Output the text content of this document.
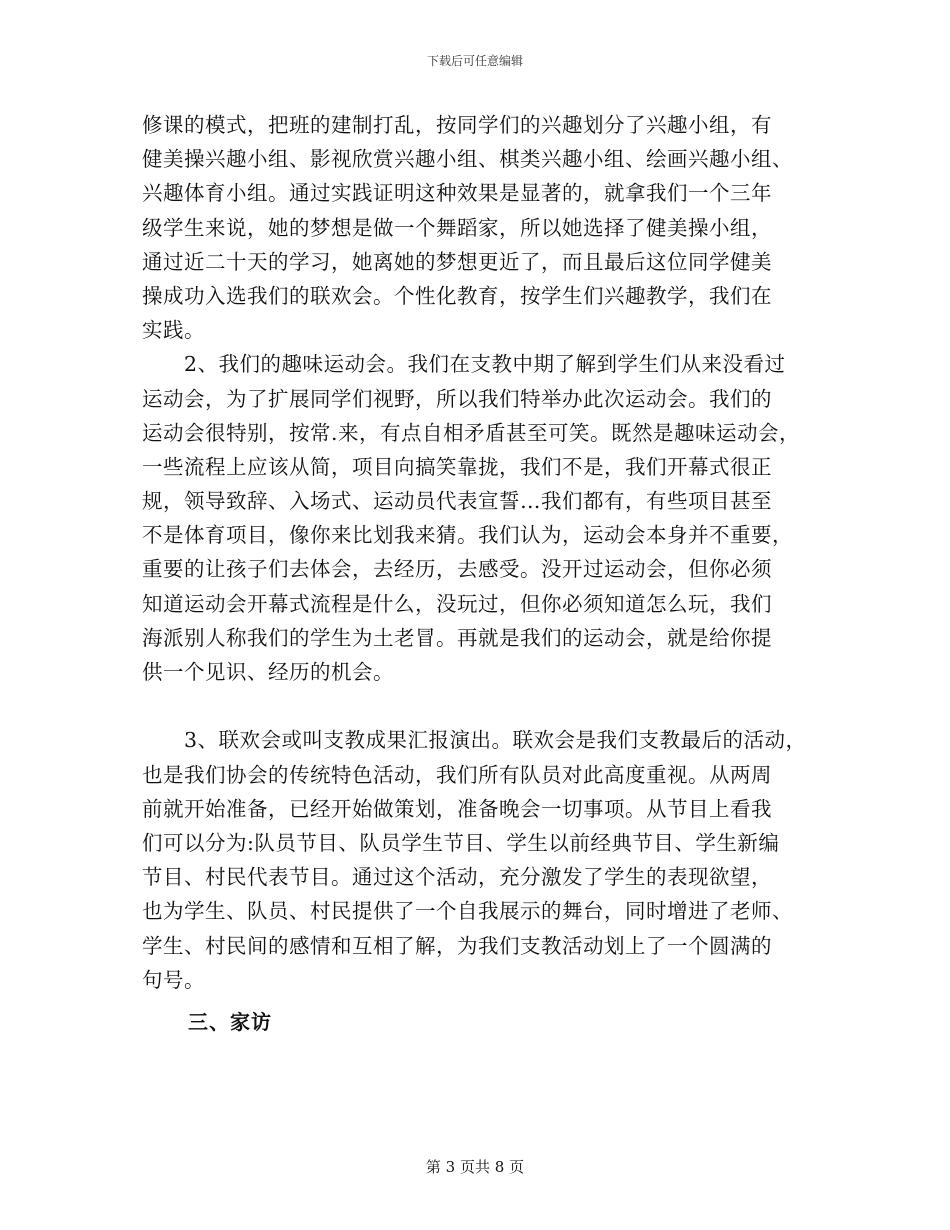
下载后可任意编辑
修课的模式，把班的建制打乱，按同学们的兴趣划分了兴趣小组，有
健美操兴趣小组、影视欣赏兴趣小组、棋类兴趣小组、绘画兴趣小组、
兴趣体育小组。通过实践证明这种效果是显著的，就拿我们一个三年
级学生来说，她的梦想是做一个舞蹈家，所以她选择了健美操小组，
通过近二十天的学习，她离她的梦想更近了，而且最后这位同学健美
操成功入选我们的联欢会。个性化教育，按学生们兴趣教学，我们在
实践。
2、我们的趣味运动会。我们在支教中期了解到学生们从来没看过
运动会，为了扩展同学们视野，所以我们特举办此次运动会。我们的
运动会很特别，按常.来，有点自相矛盾甚至可笑。既然是趣味运动会，
一些流程上应该从简，项目向搞笑靠拢，我们不是，我们开幕式很正
规，领导致辞、入场式、运动员代表宣誓…我们都有，有些项目甚至
不是体育项目，像你来比划我来猜。我们认为，运动会本身并不重要，
重要的让孩子们去体会，去经历，去感受。没开过运动会，但你必须
知道运动会开幕式流程是什么，没玩过，但你必须知道怎么玩，我们
海派别人称我们的学生为土老冒。再就是我们的运动会，就是给你提
供一个见识、经历的机会。
3、联欢会或叫支教成果汇报演出。联欢会是我们支教最后的活动，
也是我们协会的传统特色活动，我们所有队员对此高度重视。从两周
前就开始准备，已经开始做策划，准备晚会一切事项。从节目上看我
们可以分为:队员节目、队员学生节目、学生以前经典节目、学生新编
节目、村民代表节目。通过这个活动，充分激发了学生的表现欲望，
也为学生、队员、村民提供了一个自我展示的舞台，同时增进了老师、
学生、村民间的感情和互相了解，为我们支教活动划上了一个圆满的
句号。
三、家访
第 3 页共 8 页
